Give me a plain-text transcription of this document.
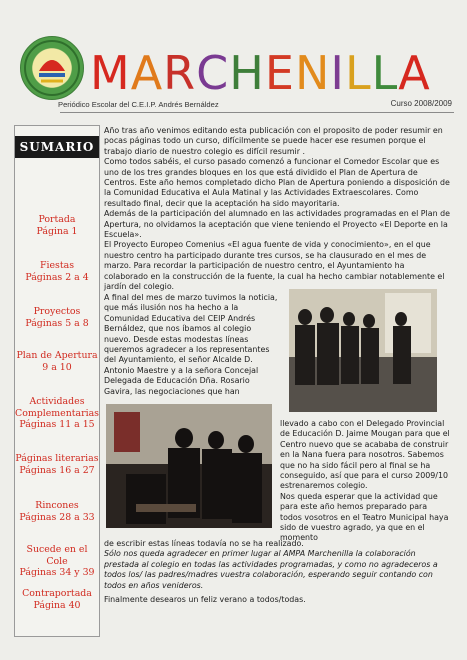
M A R C H E N I L L A
Periódico Escolar del C.E.I.P. Andrés Bernáldez	Curso 2008/2009
SUMARIO
Portada
Página 1
Fiestas
Páginas 2 a 4
Proyectos
Páginas 5 a 8
Plan de Apertura
9 a 10
Actividades
Complementarias
Páginas 11 a 15
Páginas literarias
Páginas 16 a 27
Rincones
Páginas 28 a 33
Sucede en el Cole
Páginas 34 y 39
Contraportada
Página 40

Año tras año venimos editando esta publicación con el proposito de poder resumir en pocas páginas todo un curso, difícilmente se puede hacer ese resumen porque el trabajo diario de nuestro colegio es difícil resumir .

Como todos sabéis, el curso pasado comenzó a funcionar el Comedor Escolar que es uno de los tres grandes bloques en los que está dividido el Plan de Apertura de Centros. Este año hemos completado dicho Plan de Apertura poniendo a disposición de la Comunidad Educativa el Aula Matinal y las Actividades Extraescolares. Como resultado final, decir que la aceptación ha sido mayoritaria.

Además de la participación del alumnado en las actividades programadas en el Plan de Apertura, no olvidamos la aceptación que viene teniendo el Proyecto «El Deporte en la Escuela».

El Proyecto Europeo Comenius «El agua fuente de vida y conocimiento», en el que nuestro centro ha participado durante tres cursos, se ha clausurado en el mes de marzo. Para recordar la participación de nuestro centro, el Ayuntamiento ha colaborado en la construcción de la fuente, la cual ha hecho cambiar notablemente el jardín del colegio.

A final del mes de marzo tuvimos la noticia, que más ilusión nos ha hecho a la Comunidad Educativa del CEIP Andrés Bernáldez, que nos íbamos al colegio nuevo. Desde estas modestas líneas queremos agradecer a los representantes del Ayuntamiento, el señor Alcalde D. Antonio Maestre y a la señora Concejal Delegada de Educación Dña. Rosario Gavira, las negociaciones que han

llevado a cabo con el Delegado Provincial de Educación D. Jaime Mougan para que el Centro nuevo que se acababa de construir en la Nana fuera para nosotros. Sabemos que no ha sido fácil pero al final se ha conseguido, así que para el curso 2009/10 estrenaremos colegio.

Nos queda esperar que la actividad que para este año hemos preparado para todos vosotros en el Teatro Municipal haya sido de vuestro agrado, ya que en el momento

de escribir estas líneas todavía no se ha realizado.

Sólo nos queda agradecer en primer lugar al AMPA Marchenilla la colaboración prestada al colegio en todas las actividades programadas, y como no agradeceros a todos los/ las padres/madres vuestra colaboración, esperando seguir contando con todos en años venideros.

Finalmente desearos un feliz verano a todos/todas.
